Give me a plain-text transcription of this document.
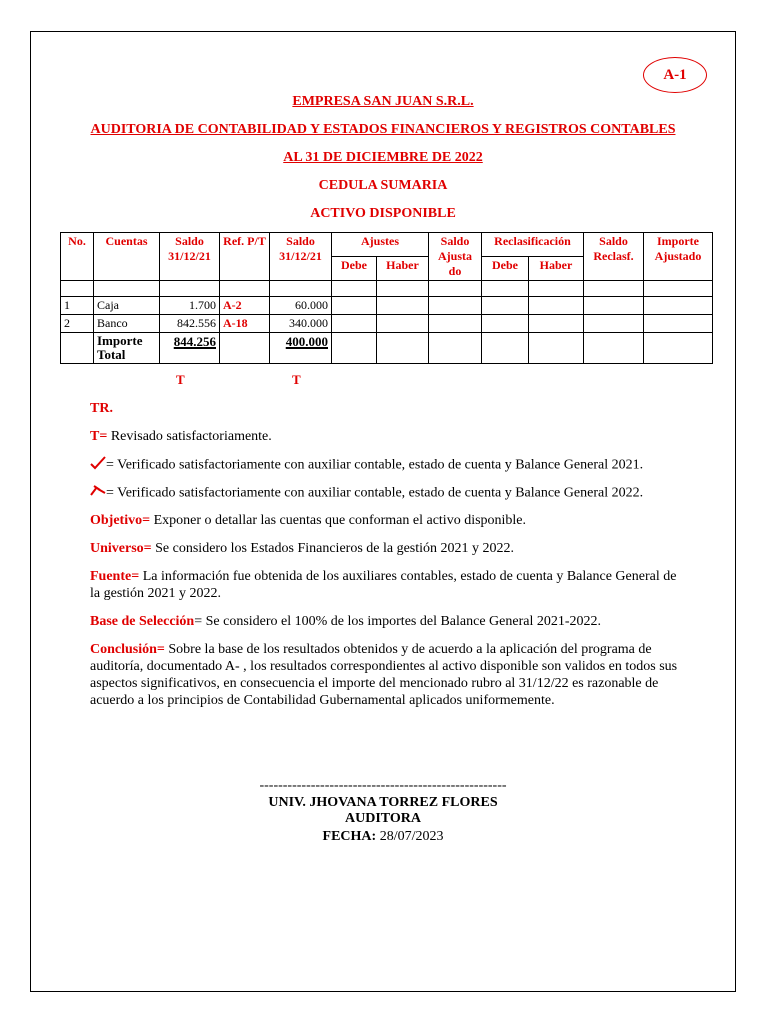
A-1
EMPRESA SAN JUAN S.R.L.
AUDITORIA DE CONTABILIDAD Y ESTADOS FINANCIEROS Y REGISTROS CONTABLES
AL 31 DE DICIEMBRE DE 2022
CEDULA SUMARIA
ACTIVO DISPONIBLE
No.	Cuentas	Saldo 31/12/21	Ref. P/T	Saldo 31/12/21	Ajustes		Saldo Ajusta do	Reclasificación		Saldo Reclasf.	Importe Ajustado
					Debe	Haber		Debe	Haber		

1	Caja	1.700	A-2	60.000							
2	Banco	842.556	A-18	340.000							
	Importe Total	844.256		400.000							
T	T
TR.
T= Revisado satisfactoriamente.
= Verificado satisfactoriamente con auxiliar contable, estado de cuenta y Balance General 2021.
= Verificado satisfactoriamente con auxiliar contable, estado de cuenta y Balance General 2022.
Objetivo= Exponer o detallar las cuentas que conforman el activo disponible.
Universo= Se considero los Estados Financieros de la gestión 2021 y 2022.
Fuente= La información fue obtenida de los auxiliares contables, estado de cuenta y Balance General de la gestión 2021 y 2022.
Base de Selección= Se considero el 100% de los importes del Balance General 2021-2022.
Conclusión= Sobre la base de los resultados obtenidos y de acuerdo a la aplicación del programa de auditoría, documentado A- , los resultados correspondientes al activo disponible son validos en todos sus aspectos significativos, en consecuencia el importe del mencionado rubro al 31/12/22 es razonable de acuerdo a los principios de Contabilidad Gubernamental aplicados uniformemente.
-----------------------------------------------------
UNIV. JHOVANA TORREZ FLORES
AUDITORA
FECHA: 28/07/2023
